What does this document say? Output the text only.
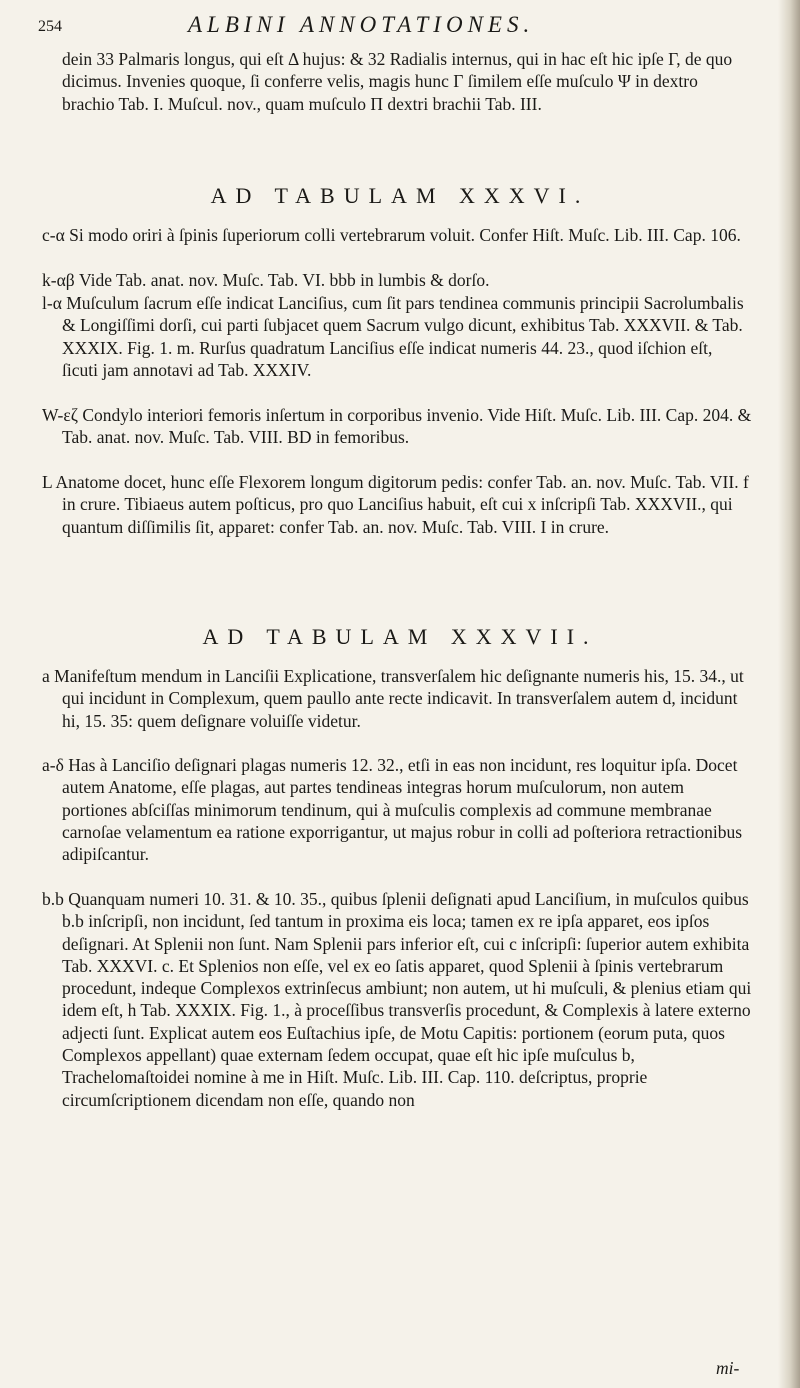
254	ALBINI ANNOTATIONES.

dein 33 Palmaris longus, qui eſt Δ hujus: & 32 Radialis internus, qui in hac eſt hic ipſe Γ, de quo dicimus. Invenies quoque, ſi conferre velis, magis hunc Γ ſimilem eſſe muſculo Ψ in dextro brachio Tab. I. Muſcul. nov., quam muſculo Π dextri brachii Tab. III.

AD TABULAM XXXVI.

c-α Si modo oriri à ſpinis ſuperiorum colli vertebrarum voluit. Confer Hiſt. Muſc. Lib. III. Cap. 106.

k-αβ Vide Tab. anat. nov. Muſc. Tab. VI. bbb in lumbis & dorſo.

l-α Muſculum ſacrum eſſe indicat Lanciſius, cum ſit pars tendinea communis principii Sacrolumbalis & Longiſſimi dorſi, cui parti ſubjacet quem Sacrum vulgo dicunt, exhibitus Tab. XXXVII. & Tab. XXXIX. Fig. 1. m. Rurſus quadratum Lanciſius eſſe indicat numeris 44. 23., quod iſchion eſt, ſicuti jam annotavi ad Tab. XXXIV.

W-εζ Condylo interiori femoris inſertum in corporibus invenio. Vide Hiſt. Muſc. Lib. III. Cap. 204. & Tab. anat. nov. Muſc. Tab. VIII. BD in femoribus.

L Anatome docet, hunc eſſe Flexorem longum digitorum pedis: confer Tab. an. nov. Muſc. Tab. VII. f in crure. Tibiaeus autem poſticus, pro quo Lanciſius habuit, eſt cui x inſcripſi Tab. XXXVII., qui quantum diſſimilis ſit, apparet: confer Tab. an. nov. Muſc. Tab. VIII. I in crure.

AD TABULAM XXXVII.

a Manifeſtum mendum in Lanciſii Explicatione, transverſalem hic deſignante numeris his, 15. 34., ut qui incidunt in Complexum, quem paullo ante recte indicavit. In transverſalem autem d, incidunt hi, 15. 35: quem deſignare voluiſſe videtur.

a-δ Has à Lanciſio deſignari plagas numeris 12. 32., etſi in eas non incidunt, res loquitur ipſa. Docet autem Anatome, eſſe plagas, aut partes tendineas integras horum muſculorum, non autem portiones abſciſſas minimorum tendinum, qui à muſculis complexis ad commune membranae carnoſae velamentum ea ratione exporrigantur, ut majus robur in colli ad poſteriora retractionibus adipiſcantur.

b.b Quanquam numeri 10. 31. & 10. 35., quibus ſplenii deſignati apud Lanciſium, in muſculos quibus b.b inſcripſi, non incidunt, ſed tantum in proxima eis loca; tamen ex re ipſa apparet, eos ipſos deſignari. At Splenii non ſunt. Nam Splenii pars inferior eſt, cui c inſcripſi: ſuperior autem exhibita Tab. XXXVI. c. Et Splenios non eſſe, vel ex eo ſatis apparet, quod Splenii à ſpinis vertebrarum procedunt, indeque Complexos extrinſecus ambiunt; non autem, ut hi muſculi, & plenius etiam qui idem eſt, h Tab. XXXIX. Fig. 1., à proceſſibus transverſis procedunt, & Complexis à latere externo adjecti ſunt. Explicat autem eos Euſtachius ipſe, de Motu Capitis: portionem (eorum puta, quos Complexos appellant) quae externam ſedem occupat, quae eſt hic ipſe muſculus b, Trachelomaſtoidei nomine à me in Hiſt. Muſc. Lib. III. Cap. 110. deſcriptus, proprie circumſcriptionem dicendam non eſſe, quando non

mi-
